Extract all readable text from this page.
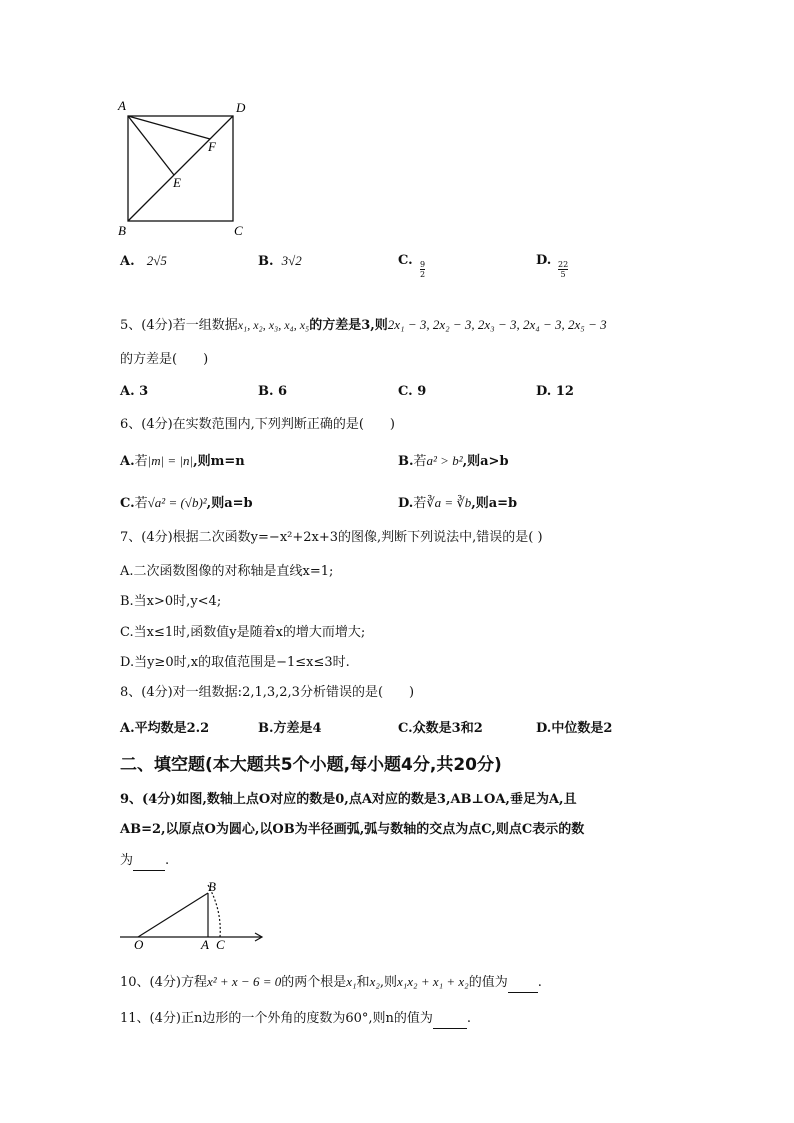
A	D
F
E
B	C
A. 2√5	B. 3√2	C. $\frac{9}{2}$	D. $\frac{22}{5}$
5、(4分)若一组数据x₁, x₂, x₃, x₄, x₅的方差是3,则2x₁ − 3, 2x₂ − 3, 2x₃ − 3, 2x₄ − 3, 2x₅ − 3
的方差是(　　)
A. 3	B. 6	C. 9	D. 12
6、(4分)在实数范围内,下列判断正确的是(　　)
A.若|m| = |n|,则m=n	B.若a² > b²,则a>b
C.若√a² = (√b)²,则a=b	D.若∛a = ∛b,则a=b
7、(4分)根据二次函数y=−x²+2x+3的图像,判断下列说法中,错误的是( )
A.二次函数图像的对称轴是直线x=1;
B.当x>0时,y<4;
C.当x≤1时,函数值y是随着x的增大而增大;
D.当y≥0时,x的取值范围是−1≤x≤3时.
8、(4分)对一组数据:2,1,3,2,3分析错误的是(　　)
A.平均数是2.2	B.方差是4	C.众数是3和2	D.中位数是2
二、填空题(本大题共5个小题,每小题4分,共20分)
9、(4分)如图,数轴上点O对应的数是0,点A对应的数是3,AB⊥OA,垂足为A,且
AB=2,以原点O为圆心,以OB为半径画弧,弧与数轴的交点为点C,则点C表示的数
为 .
B
O	A C
10、(4分)方程x² + x − 6 = 0的两个根是x₁和x₂,则x₁x₂ + x₁ + x₂的值为 .
11、(4分)正n边形的一个外角的度数为60°,则n的值为	.
